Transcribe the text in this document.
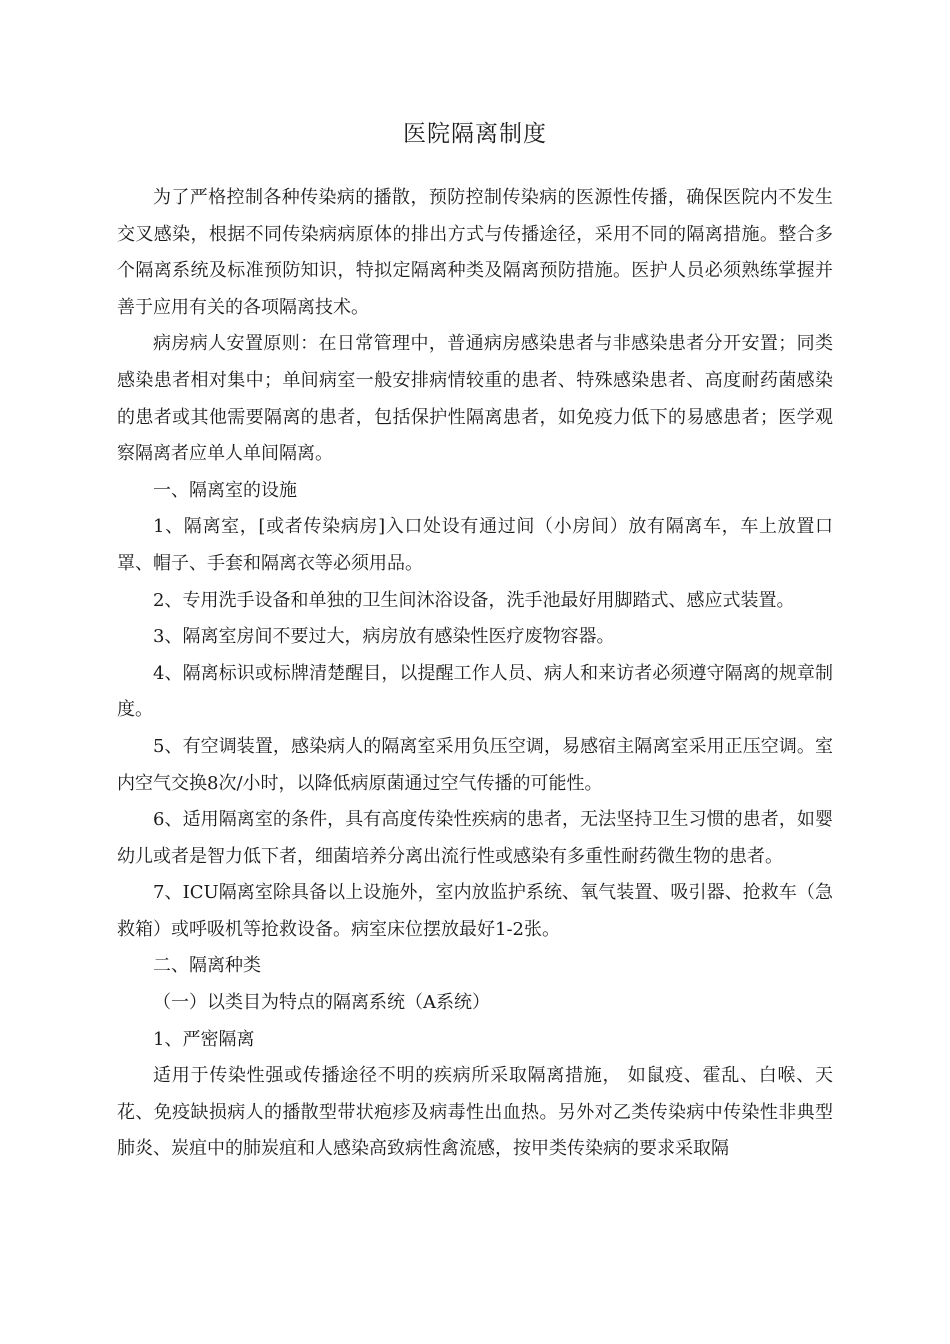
医院隔离制度

为了严格控制各种传染病的播散，预防控制传染病的医源性传播，确保医院内不发生交叉感染，根据不同传染病病原体的排出方式与传播途径，采用不同的隔离措施。整合多个隔离系统及标准预防知识，特拟定隔离种类及隔离预防措施。医护人员必须熟练掌握并善于应用有关的各项隔离技术。

病房病人安置原则：在日常管理中，普通病房感染患者与非感染患者分开安置；同类感染患者相对集中；单间病室一般安排病情较重的患者、特殊感染患者、高度耐药菌感染的患者或其他需要隔离的患者，包括保护性隔离患者，如免疫力低下的易感患者；医学观察隔离者应单人单间隔离。

一、隔离室的设施

1、隔离室，[或者传染病房]入口处设有通过间（小房间）放有隔离车，车上放置口罩、帽子、手套和隔离衣等必须用品。

2、专用洗手设备和单独的卫生间沐浴设备，洗手池最好用脚踏式、感应式装置。

3、隔离室房间不要过大，病房放有感染性医疗废物容器。

4、隔离标识或标牌清楚醒目，以提醒工作人员、病人和来访者必须遵守隔离的规章制度。

5、有空调装置，感染病人的隔离室采用负压空调，易感宿主隔离室采用正压空调。室内空气交换8次/小时，以降低病原菌通过空气传播的可能性。

6、适用隔离室的条件，具有高度传染性疾病的患者，无法坚持卫生习惯的患者，如婴幼儿或者是智力低下者，细菌培养分离出流行性或感染有多重性耐药微生物的患者。

7、ICU隔离室除具备以上设施外，室内放监护系统、氧气装置、吸引器、抢救车（急救箱）或呼吸机等抢救设备。病室床位摆放最好1-2张。

二、隔离种类

（一）以类目为特点的隔离系统（A系统）

1、严密隔离

适用于传染性强或传播途径不明的疾病所采取隔离措施， 如鼠疫、霍乱、白喉、天花、免疫缺损病人的播散型带状疱疹及病毒性出血热。另外对乙类传染病中传染性非典型肺炎、炭疽中的肺炭疽和人感染高致病性禽流感，按甲类传染病的要求采取隔
